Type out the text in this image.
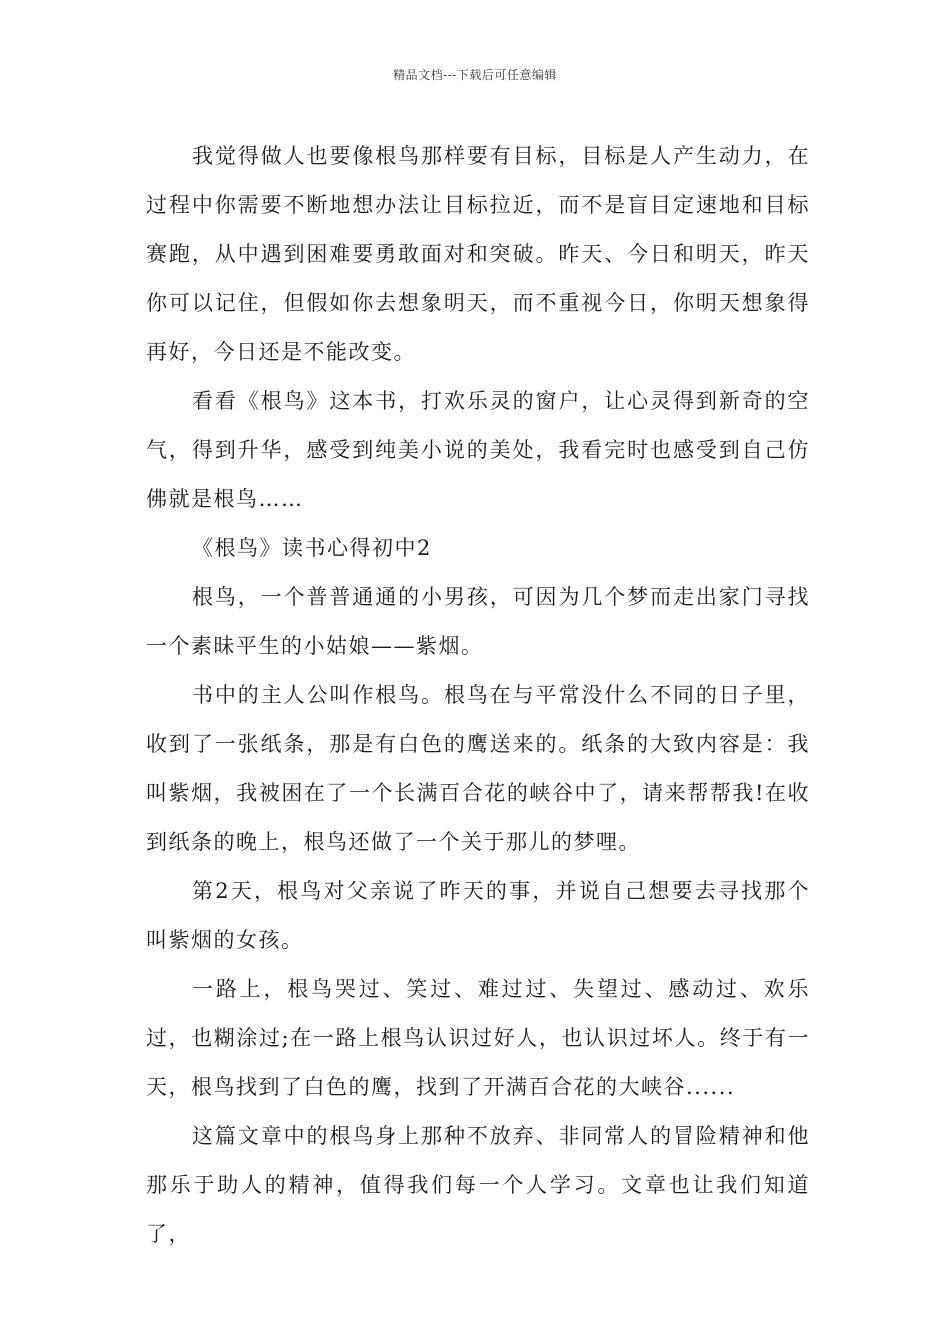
精品文档---下载后可任意编辑

我觉得做人也要像根鸟那样要有目标，目标是人产生动力，在过程中你需要不断地想办法让目标拉近，而不是盲目定速地和目标赛跑，从中遇到困难要勇敢面对和突破。昨天、今日和明天，昨天你可以记住，但假如你去想象明天，而不重视今日，你明天想象得再好，今日还是不能改变。

看看《根鸟》这本书，打欢乐灵的窗户，让心灵得到新奇的空气，得到升华，感受到纯美小说的美处，我看完时也感受到自己仿佛就是根鸟……

《根鸟》读书心得初中2

根鸟，一个普普通通的小男孩，可因为几个梦而走出家门寻找一个素昧平生的小姑娘——紫烟。

书中的主人公叫作根鸟。根鸟在与平常没什么不同的日子里，收到了一张纸条，那是有白色的鹰送来的。纸条的大致内容是：我叫紫烟，我被困在了一个长满百合花的峡谷中了，请来帮帮我!在收到纸条的晚上，根鸟还做了一个关于那儿的梦哩。

第2天，根鸟对父亲说了昨天的事，并说自己想要去寻找那个叫紫烟的女孩。

一路上，根鸟哭过、笑过、难过过、失望过、感动过、欢乐过，也糊涂过;在一路上根鸟认识过好人，也认识过坏人。终于有一天，根鸟找到了白色的鹰，找到了开满百合花的大峡谷......

这篇文章中的根鸟身上那种不放弃、非同常人的冒险精神和他那乐于助人的精神，值得我们每一个人学习。文章也让我们知道了，
